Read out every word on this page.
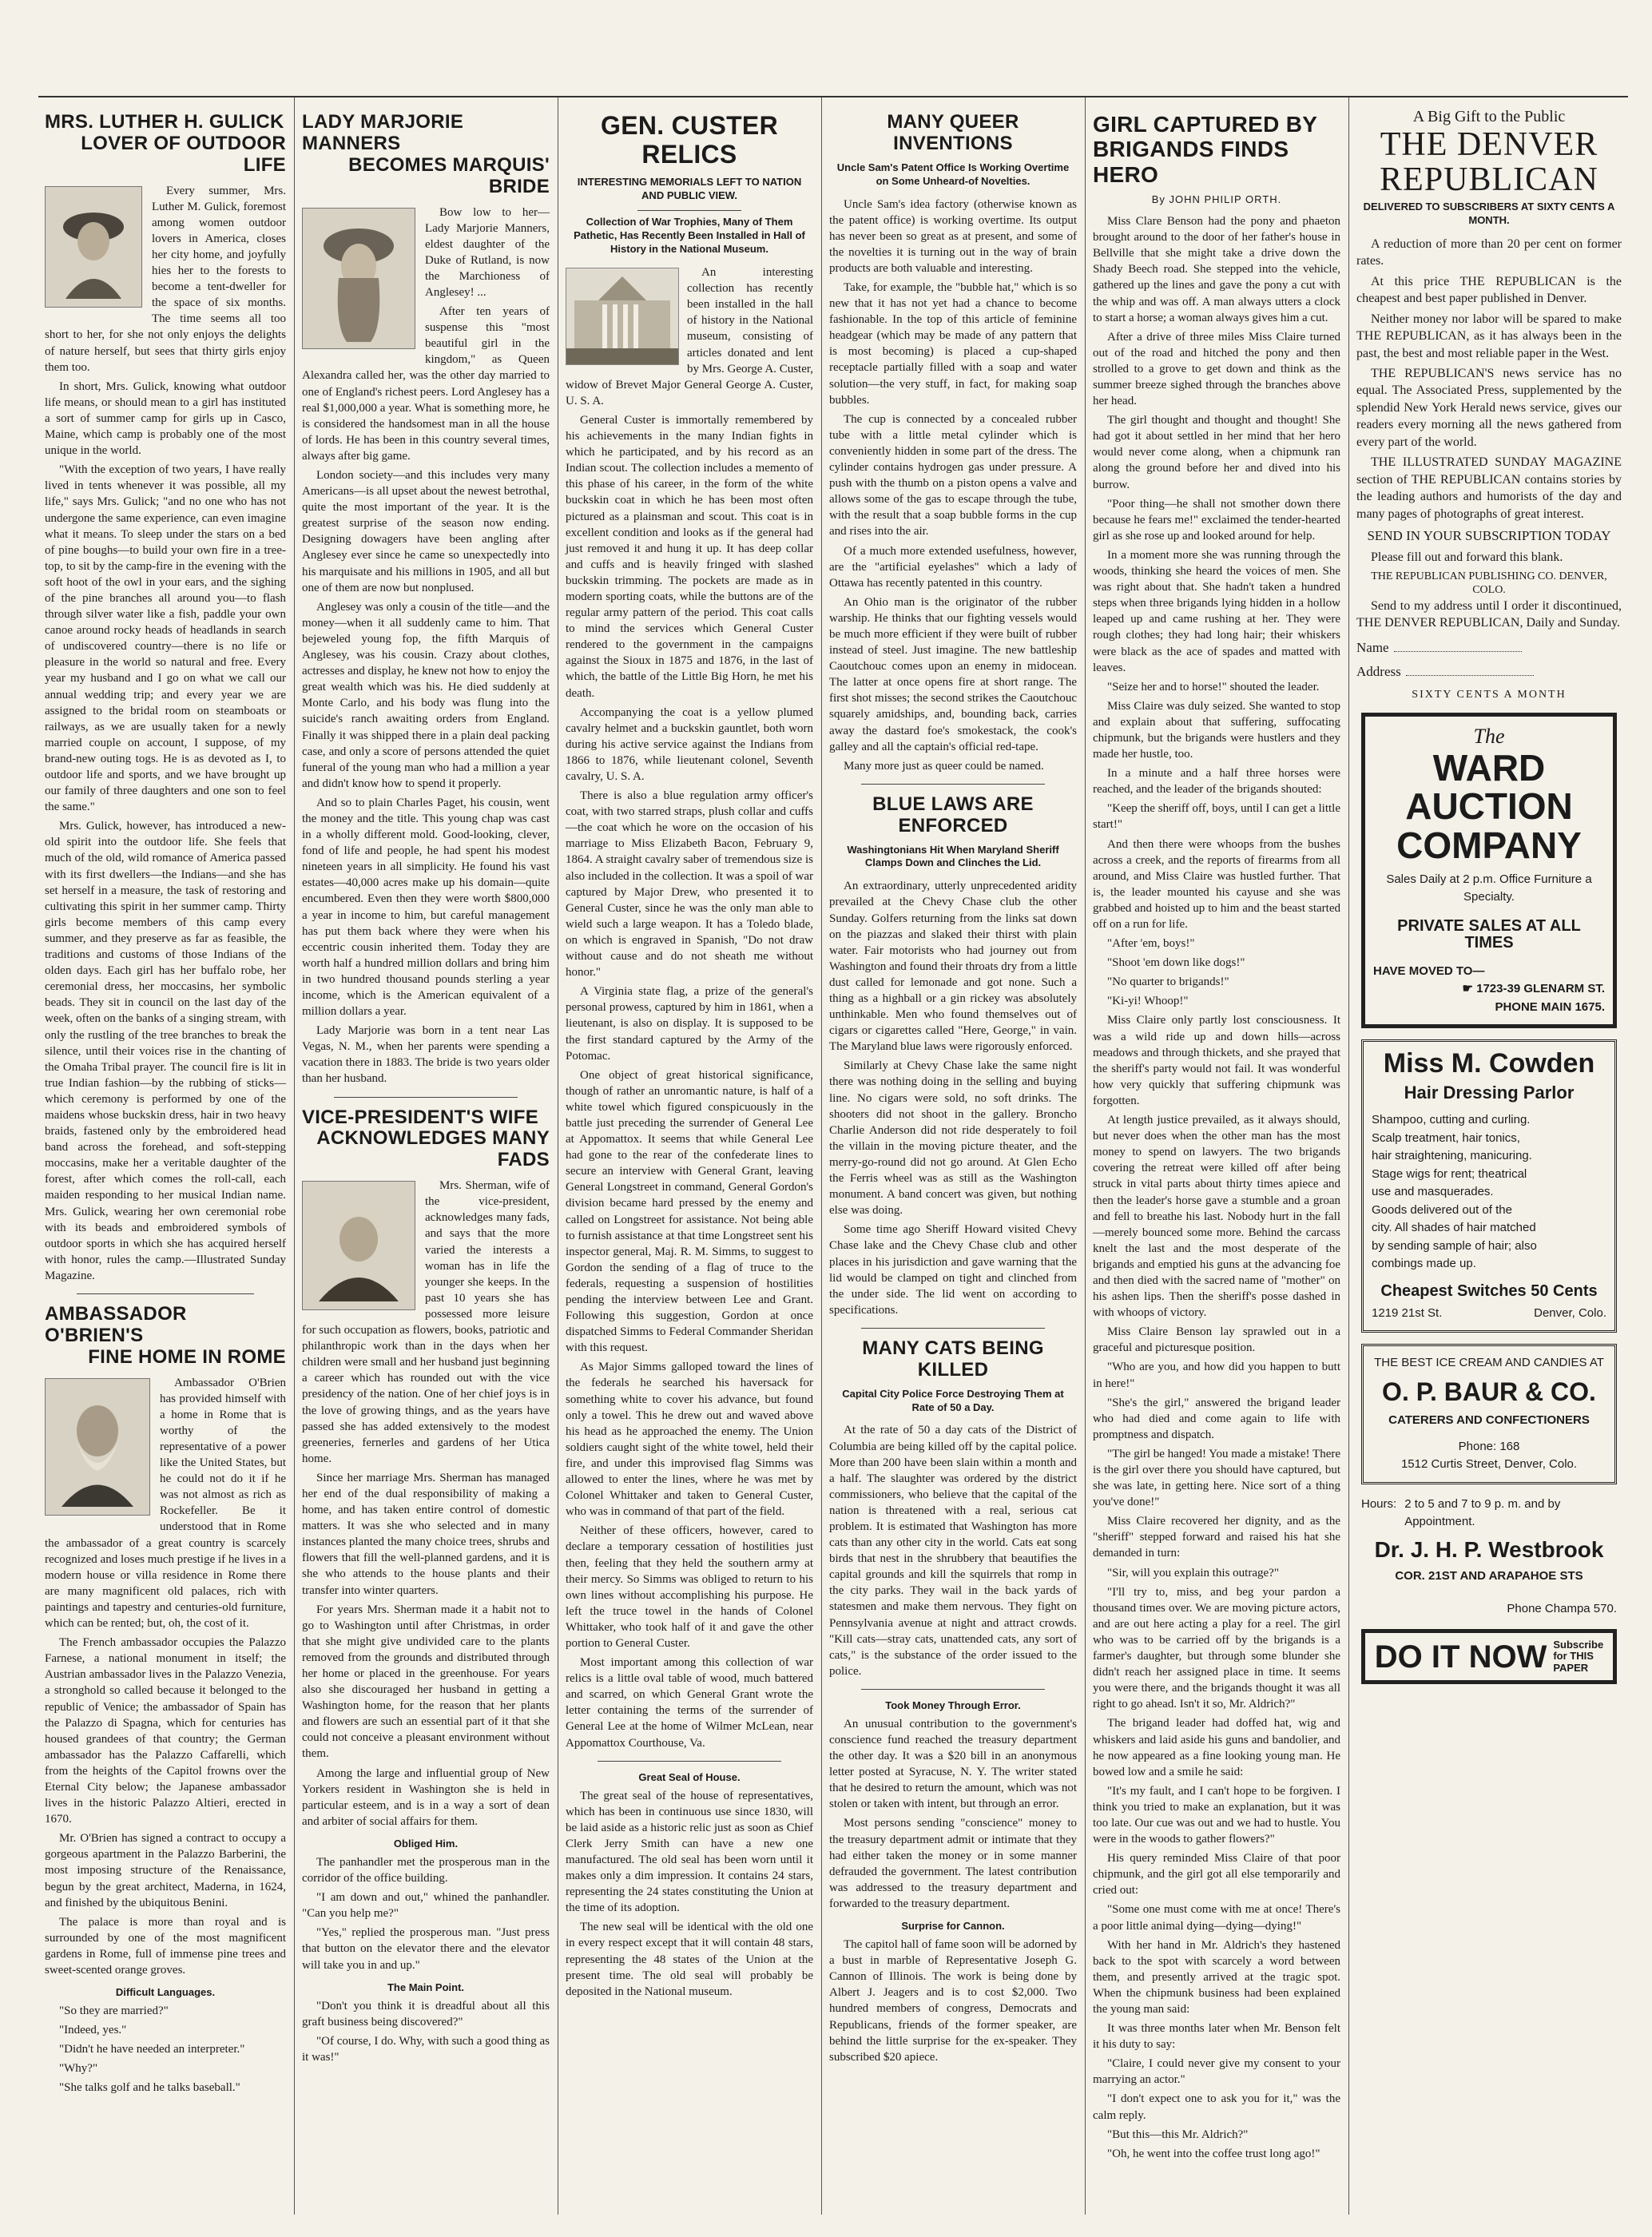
MRS. LUTHER H. GULICK
LOVER OF OUTDOOR LIFE

Every summer, Mrs. Luther M. Gulick, foremost among women outdoor lovers in America, closes her city home, and joyfully hies her to the forests to become a tent-dweller for the space of six months. The time seems all too short to her, for she not only enjoys the delights of nature herself, but sees that thirty girls enjoy them too.

In short, Mrs. Gulick, knowing what outdoor life means, or should mean to a girl has instituted a sort of summer camp for girls up in Casco, Maine, which camp is probably one of the most unique in the world.

"With the exception of two years, I have really lived in tents whenever it was possible, all my life," says Mrs. Gulick; "and no one who has not undergone the same experience, can even imagine what it means. To sleep under the stars on a bed of pine boughs—to build your own fire in a tree-top, to sit by the camp-fire in the evening with the soft hoot of the owl in your ears, and the sighing of the pine branches all around you—to flash through silver water like a fish, paddle your own canoe around rocky heads of headlands in search of undiscovered country—there is no life or pleasure in the world so natural and free. Every year my husband and I go on what we call our annual wedding trip; and every year we are assigned to the bridal room on steamboats or railways, as we are usually taken for a newly married couple on account, I suppose, of my brand-new outing togs. He is as devoted as I, to outdoor life and sports, and we have brought up our family of three daughters and one son to feel the same."

Mrs. Gulick, however, has introduced a new-old spirit into the outdoor life. She feels that much of the old, wild romance of America passed with its first dwellers—the Indians—and she has set herself in a measure, the task of restoring and cultivating this spirit in her summer camp. Thirty girls become members of this camp every summer, and they preserve as far as feasible, the traditions and customs of those Indians of the olden days. Each girl has her buffalo robe, her ceremonial dress, her moccasins, her symbolic beads. They sit in council on the last day of the week, often on the banks of a singing stream, with only the rustling of the tree branches to break the silence, until their voices rise in the chanting of the Omaha Tribal prayer. The council fire is lit in true Indian fashion—by the rubbing of sticks—which ceremony is performed by one of the maidens whose buckskin dress, hair in two heavy braids, fastened only by the embroidered head band across the forehead, and soft-stepping moccasins, make her a veritable daughter of the forest, after which comes the roll-call, each maiden responding to her musical Indian name. Mrs. Gulick, wearing her own ceremonial robe with its beads and embroidered symbols of outdoor sports in which she has acquired herself with honor, rules the camp.—Illustrated Sunday Magazine.

AMBASSADOR O'BRIEN'S
FINE HOME IN ROME

Ambassador O'Brien has provided himself with a home in Rome that is worthy of the representative of a power like the United States, but he could not do it if he was not almost as rich as Rockefeller. Be it understood that in Rome the ambassador of a great country is scarcely recognized and loses much prestige if he lives in a modern house or villa residence in Rome there are many magnificent old palaces, rich with paintings and tapestry and centuries-old furniture, which can be rented; but, oh, the cost of it.

The French ambassador occupies the Palazzo Farnese, a national monument in itself; the Austrian ambassador lives in the Palazzo Venezia, a stronghold so called because it belonged to the republic of Venice; the ambassador of Spain has the Palazzo di Spagna, which for centuries has housed grandees of that country; the German ambassador has the Palazzo Caffarelli, which from the heights of the Capitol frowns over the Eternal City below; the Japanese ambassador lives in the historic Palazzo Altieri, erected in 1670.

Mr. O'Brien has signed a contract to occupy a gorgeous apartment in the Palazzo Barberini, the most imposing structure of the Renaissance, begun by the great architect, Maderna, in 1624, and finished by the ubiquitous Benini.

The palace is more than royal and is surrounded by one of the most magnificent gardens in Rome, full of immense pine trees and sweet-scented orange groves.

Difficult Languages.

"So they are married?"

"Indeed, yes."

"Didn't he have needed an interpreter."

"Why?"

"She talks golf and he talks baseball."

LADY MARJORIE MANNERS
BECOMES MARQUIS' BRIDE

Bow low to her—Lady Marjorie Manners, eldest daughter of the Duke of Rutland, is now the Marchioness of Anglesey! ...

After ten years of suspense this "most beautiful girl in the kingdom," as Queen Alexandra called her, was the other day married to one of England's richest peers. Lord Anglesey has a real $1,000,000 a year. What is something more, he is considered the handsomest man in all the house of lords. He has been in this country several times, always after big game.

London society—and this includes very many Americans—is all upset about the newest betrothal, quite the most important of the year. It is the greatest surprise of the season now ending. Designing dowagers have been angling after Anglesey ever since he came so unexpectedly into his marquisate and his millions in 1905, and all but one of them are now but nonplused.

Anglesey was only a cousin of the title—and the money—when it all suddenly came to him. That bejeweled young fop, the fifth Marquis of Anglesey, was his cousin. Crazy about clothes, actresses and display, he knew not how to enjoy the great wealth which was his. He died suddenly at Monte Carlo, and his body was flung into the suicide's ranch awaiting orders from England. Finally it was shipped there in a plain deal packing case, and only a score of persons attended the quiet funeral of the young man who had a million a year and didn't know how to spend it properly.

And so to plain Charles Paget, his cousin, went the money and the title. This young chap was cast in a wholly different mold. Good-looking, clever, fond of life and people, he had spent his modest nineteen years in all simplicity. He found his vast estates—40,000 acres make up his domain—quite encumbered. Even then they were worth $800,000 a year in income to him, but careful management has put them back where they were when his eccentric cousin inherited them. Today they are worth half a hundred million dollars and bring him in two hundred thousand pounds sterling a year income, which is the American equivalent of a million dollars a year.

Lady Marjorie was born in a tent near Las Vegas, N. M., when her parents were spending a vacation there in 1883. The bride is two years older than her husband.

VICE-PRESIDENT'S WIFE
ACKNOWLEDGES MANY FADS

Mrs. Sherman, wife of the vice-president, acknowledges many fads, and says that the more varied the interests a woman has in life the younger she keeps. In the past 10 years she has possessed more leisure for such occupation as flowers, books, patriotic and philanthropic work than in the days when her children were small and her husband just beginning a career which has rounded out with the vice presidency of the nation. One of her chief joys is in the love of growing things, and as the years have passed she has added extensively to the modest greeneries, fernerles and gardens of her Utica home.

Since her marriage Mrs. Sherman has managed her end of the dual responsibility of making a home, and has taken entire control of domestic matters. It was she who selected and in many instances planted the many choice trees, shrubs and flowers that fill the well-planned gardens, and it is she who attends to the house plants and their transfer into winter quarters.

For years Mrs. Sherman made it a habit not to go to Washington until after Christmas, in order that she might give undivided care to the plants removed from the grounds and distributed through her home or placed in the greenhouse. For years also she discouraged her husband in getting a Washington home, for the reason that her plants and flowers are such an essential part of it that she could not conceive a pleasant environment without them.

Among the large and influential group of New Yorkers resident in Washington she is held in particular esteem, and is in a way a sort of dean and arbiter of social affairs for them.

Obliged Him.

The panhandler met the prosperous man in the corridor of the office building.

"I am down and out," whined the panhandler. "Can you help me?"

"Yes," replied the prosperous man. "Just press that button on the elevator there and the elevator will take you in and up."

The Main Point.

"Don't you think it is dreadful about all this graft business being discovered?"

"Of course, I do. Why, with such a good thing as it was!"

GEN. CUSTER RELICS
INTERESTING MEMORIALS LEFT TO NATION AND PUBLIC VIEW.
Collection of War Trophies, Many of Them Pathetic, Has Recently Been Installed in Hall of History in the National Museum.

An interesting collection has recently been installed in the hall of history in the National museum, consisting of articles donated and lent by Mrs. George A. Custer, widow of Brevet Major General George A. Custer, U. S. A.

General Custer is immortally remembered by his achievements in the many Indian fights in which he participated, and by his record as an Indian scout. The collection includes a memento of this phase of his career, in the form of the white buckskin coat in which he has been most often pictured as a plainsman and scout. This coat is in excellent condition and looks as if the general had just removed it and hung it up. It has deep collar and cuffs and is heavily fringed with slashed buckskin trimming. The pockets are made as in modern sporting coats, while the buttons are of the regular army pattern of the period. This coat calls to mind the services which General Custer rendered to the government in the campaigns against the Sioux in 1875 and 1876, in the last of which, the battle of the Little Big Horn, he met his death.

Accompanying the coat is a yellow plumed cavalry helmet and a buckskin gauntlet, both worn during his active service against the Indians from 1866 to 1876, while lieutenant colonel, Seventh cavalry, U. S. A.

There is also a blue regulation army officer's coat, with two starred straps, plush collar and cuffs—the coat which he wore on the occasion of his marriage to Miss Elizabeth Bacon, February 9, 1864. A straight cavalry saber of tremendous size is also included in the collection. It was a spoil of war captured by Major Drew, who presented it to General Custer, since he was the only man able to wield such a large weapon. It has a Toledo blade, on which is engraved in Spanish, "Do not draw without cause and do not sheath me without honor."

A Virginia state flag, a prize of the general's personal prowess, captured by him in 1861, when a lieutenant, is also on display. It is supposed to be the first standard captured by the Army of the Potomac.

One object of great historical significance, though of rather an unromantic nature, is half of a white towel which figured conspicuously in the battle just preceding the surrender of General Lee at Appomattox. It seems that while General Lee had gone to the rear of the confederate lines to secure an interview with General Grant, leaving General Longstreet in command, General Gordon's division became hard pressed by the enemy and called on Longstreet for assistance. Not being able to furnish assistance at that time Longstreet sent his inspector general, Maj. R. M. Simms, to suggest to Gordon the sending of a flag of truce to the federals, requesting a suspension of hostilities pending the interview between Lee and Grant. Following this suggestion, Gordon at once dispatched Simms to Federal Commander Sheridan with this request.

As Major Simms galloped toward the lines of the federals he searched his haversack for something white to cover his advance, but found only a towel. This he drew out and waved above his head as he approached the enemy. The Union soldiers caught sight of the white towel, held their fire, and under this improvised flag Simms was allowed to enter the lines, where he was met by Colonel Whittaker and taken to General Custer, who was in command of that part of the field.

Neither of these officers, however, cared to declare a temporary cessation of hostilities just then, feeling that they held the southern army at their mercy. So Simms was obliged to return to his own lines without accomplishing his purpose. He left the truce towel in the hands of Colonel Whittaker, who took half of it and gave the other portion to General Custer.

Most important among this collection of war relics is a little oval table of wood, much battered and scarred, on which General Grant wrote the letter containing the terms of the surrender of General Lee at the home of Wilmer McLean, near Appomattox Courthouse, Va.

Great Seal of House.

The great seal of the house of representatives, which has been in continuous use since 1830, will be laid aside as a historic relic just as soon as Chief Clerk Jerry Smith can have a new one manufactured. The old seal has been worn until it makes only a dim impression. It contains 24 stars, representing the 24 states constituting the Union at the time of its adoption.

The new seal will be identical with the old one in every respect except that it will contain 48 stars, representing the 48 states of the Union at the present time. The old seal will probably be deposited in the National museum.

MANY QUEER INVENTIONS
Uncle Sam's Patent Office Is Working Overtime on Some Unheard-of Novelties.

Uncle Sam's idea factory (otherwise known as the patent office) is working overtime. Its output has never been so great as at present, and some of the novelties it is turning out in the way of brain products are both valuable and interesting.

Take, for example, the "bubble hat," which is so new that it has not yet had a chance to become fashionable. In the top of this article of feminine headgear (which may be made of any pattern that is most becoming) is placed a cup-shaped receptacle partially filled with a soap and water solution—the very stuff, in fact, for making soap bubbles.

The cup is connected by a concealed rubber tube with a little metal cylinder which is conveniently hidden in some part of the dress. The cylinder contains hydrogen gas under pressure. A push with the thumb on a piston opens a valve and allows some of the gas to escape through the tube, with the result that a soap bubble forms in the cup and rises into the air.

Of a much more extended usefulness, however, are the "artificial eyelashes" which a lady of Ottawa has recently patented in this country.

An Ohio man is the originator of the rubber warship. He thinks that our fighting vessels would be much more efficient if they were built of rubber instead of steel. Just imagine. The new battleship Caoutchouc comes upon an enemy in midocean. The latter at once opens fire at short range. The first shot misses; the second strikes the Caoutchouc squarely amidships, and, bounding back, carries away the dastard foe's smokestack, the cook's galley and all the captain's official red-tape.

Many more just as queer could be named.

BLUE LAWS ARE ENFORCED
Washingtonians Hit When Maryland Sheriff Clamps Down and Clinches the Lid.

An extraordinary, utterly unprecedented aridity prevailed at the Chevy Chase club the other Sunday. Golfers returning from the links sat down on the piazzas and slaked their thirst with plain water. Fair motorists who had journey out from Washington and found their throats dry from a little dust called for lemonade and got none. Such a thing as a highball or a gin rickey was absolutely unthinkable. Men who found themselves out of cigars or cigarettes called "Here, George," in vain. The Maryland blue laws were rigorously enforced.

Similarly at Chevy Chase lake the same night there was nothing doing in the selling and buying line. No cigars were sold, no soft drinks. The shooters did not shoot in the gallery. Broncho Charlie Anderson did not ride desperately to foil the villain in the moving picture theater, and the merry-go-round did not go around. At Glen Echo the Ferris wheel was as still as the Washington monument. A band concert was given, but nothing else was doing.

Some time ago Sheriff Howard visited Chevy Chase lake and the Chevy Chase club and other places in his jurisdiction and gave warning that the lid would be clamped on tight and clinched from the under side. The lid went on according to specifications.

MANY CATS BEING KILLED
Capital City Police Force Destroying Them at Rate of 50 a Day.

At the rate of 50 a day cats of the District of Columbia are being killed off by the capital police. More than 200 have been slain within a month and a half. The slaughter was ordered by the district commissioners, who believe that the capital of the nation is threatened with a real, serious cat problem. It is estimated that Washington has more cats than any other city in the world. Cats eat song birds that nest in the shrubbery that beautifies the capital grounds and kill the squirrels that romp in the city parks. They wail in the back yards of statesmen and make them nervous. They fight on Pennsylvania avenue at night and attract crowds. "Kill cats—stray cats, unattended cats, any sort of cats," is the substance of the order issued to the police.

Took Money Through Error.

An unusual contribution to the government's conscience fund reached the treasury department the other day. It was a $20 bill in an anonymous letter posted at Syracuse, N. Y. The writer stated that he desired to return the amount, which was not stolen or taken with intent, but through an error.

Most persons sending "conscience" money to the treasury department admit or intimate that they had either taken the money or in some manner defrauded the government. The latest contribution was addressed to the treasury department and forwarded to the treasury department.

Surprise for Cannon.

The capitol hall of fame soon will be adorned by a bust in marble of Representative Joseph G. Cannon of Illinois. The work is being done by Albert J. Jeagers and is to cost $2,000. Two hundred members of congress, Democrats and Republicans, friends of the former speaker, are behind the little surprise for the ex-speaker. They subscribed $20 apiece.

GIRL CAPTURED BY
BRIGANDS FINDS HERO
By JOHN PHILIP ORTH.

Miss Clare Benson had the pony and phaeton brought around to the door of her father's house in Bellville that she might take a drive down the Shady Beech road. She stepped into the vehicle, gathered up the lines and gave the pony a cut with the whip and was off. A man always utters a clock to start a horse; a woman always gives him a cut.

After a drive of three miles Miss Claire turned out of the road and hitched the pony and then strolled to a grove to get down and think as the summer breeze sighed through the branches above her head.

The girl thought and thought and thought! She had got it about settled in her mind that her hero would never come along, when a chipmunk ran along the ground before her and dived into his burrow.

"Poor thing—he shall not smother down there because he fears me!" exclaimed the tender-hearted girl as she rose up and looked around for help.

In a moment more she was running through the woods, thinking she heard the voices of men. She was right about that. She hadn't taken a hundred steps when three brigands lying hidden in a hollow leaped up and came rushing at her. They were rough clothes; they had long hair; their whiskers were black as the ace of spades and matted with leaves.

"Seize her and to horse!" shouted the leader.

Miss Claire was duly seized. She wanted to stop and explain about that suffering, suffocating chipmunk, but the brigands were hustlers and they made her hustle, too.

In a minute and a half three horses were reached, and the leader of the brigands shouted:

"Keep the sheriff off, boys, until I can get a little start!"

And then there were whoops from the bushes across a creek, and the reports of firearms from all around, and Miss Claire was hustled further. That is, the leader mounted his cayuse and she was grabbed and hoisted up to him and the beast started off on a run for life.

"After 'em, boys!"

"Shoot 'em down like dogs!"

"No quarter to brigands!"

"Ki-yi! Whoop!"

Miss Claire only partly lost consciousness. It was a wild ride up and down hills—across meadows and through thickets, and she prayed that the sheriff's party would not fail. It was wonderful how very quickly that suffering chipmunk was forgotten.

At length justice prevailed, as it always should, but never does when the other man has the most money to spend on lawyers. The two brigands covering the retreat were killed off after being struck in vital parts about thirty times apiece and then the leader's horse gave a stumble and a groan and fell to breathe his last. Nobody hurt in the fall—merely bounced some more. Behind the carcass knelt the last and the most desperate of the brigands and emptied his guns at the advancing foe and then died with the sacred name of "mother" on his ashen lips. Then the sheriff's posse dashed in with whoops of victory.

Miss Claire Benson lay sprawled out in a graceful and picturesque position.

"Who are you, and how did you happen to butt in here!"

"She's the girl," answered the brigand leader who had died and come again to life with promptness and dispatch.

"The girl be hanged! You made a mistake! There is the girl over there you should have captured, but she was late, in getting here. Nice sort of a thing you've done!"

Miss Claire recovered her dignity, and as the "sheriff" stepped forward and raised his hat she demanded in turn:

"Sir, will you explain this outrage?"

"I'll try to, miss, and beg your pardon a thousand times over. We are moving picture actors, and are out here acting a play for a reel. The girl who was to be carried off by the brigands is a farmer's daughter, but through some blunder she didn't reach her assigned place in time. It seems you were there, and the brigands thought it was all right to go ahead. Isn't it so, Mr. Aldrich?"

The brigand leader had doffed hat, wig and whiskers and laid aside his guns and bandolier, and he now appeared as a fine looking young man. He bowed low and a smile he said:

"It's my fault, and I can't hope to be forgiven. I think you tried to make an explanation, but it was too late. Our cue was out and we had to hustle. You were in the woods to gather flowers?"

His query reminded Miss Claire of that poor chipmunk, and the girl got all else temporarily and cried out:

"Some one must come with me at once! There's a poor little animal dying—dying—dying!"

With her hand in Mr. Aldrich's they hastened back to the spot with scarcely a word between them, and presently arrived at the tragic spot. When the chipmunk business had been explained the young man said:

It was three months later when Mr. Benson felt it his duty to say:

"Claire, I could never give my consent to your marrying an actor."

"I don't expect one to ask you for it," was the calm reply.

"But this—this Mr. Aldrich?"

"Oh, he went into the coffee trust long ago!"

A Big Gift to the Public
THE DENVER
REPUBLICAN
DELIVERED TO SUBSCRIBERS AT SIXTY CENTS A MONTH.

A reduction of more than 20 per cent on former rates.

At this price THE REPUBLICAN is the cheapest and best paper published in Denver.

Neither money nor labor will be spared to make THE REPUBLICAN, as it has always been in the past, the best and most reliable paper in the West.

THE REPUBLICAN'S news service has no equal. The Associated Press, supplemented by the splendid New York Herald news service, gives our readers every morning all the news gathered from every part of the world.

THE ILLUSTRATED SUNDAY MAGAZINE section of THE REPUBLICAN contains stories by the leading authors and humorists of the day and many pages of photographs of great interest.

SEND IN YOUR SUBSCRIPTION TODAY

Please fill out and forward this blank.

THE REPUBLICAN PUBLISHING CO. DENVER, COLO.

Send to my address until I order it discontinued, THE DENVER REPUBLICAN, Daily and Sunday.

Name
Address
SIXTY CENTS A MONTH
The
WARD AUCTION
COMPANY
Sales Daily at 2 p.m. Office Furniture a Specialty.
PRIVATE SALES AT ALL TIMES
HAVE MOVED TO—
☛ 1723-39 GLENARM ST.
PHONE MAIN 1675.
Miss M. Cowden
Hair Dressing Parlor
Shampoo, cutting and curling.
Scalp treatment, hair tonics,
hair straightening, manicuring.
Stage wigs for rent; theatrical
use and masquerades.
Goods delivered out of the
city. All shades of hair matched
by sending sample of hair; also
combings made up.
Cheapest Switches 50 Cents
1219 21st St.	Denver, Colo.
THE BEST ICE CREAM AND CANDIES AT
O. P. BAUR & CO.
CATERERS AND CONFECTIONERS
Phone: 168
1512 Curtis Street, Denver, Colo.
Hours: 2 to 5 and 7 to 9 p. m. and by Appointment.
Dr. J. H. P. Westbrook
COR. 21ST AND ARAPAHOE STS
Phone Champa 570.
DO IT NOW Subscribe
for THIS
PAPER
